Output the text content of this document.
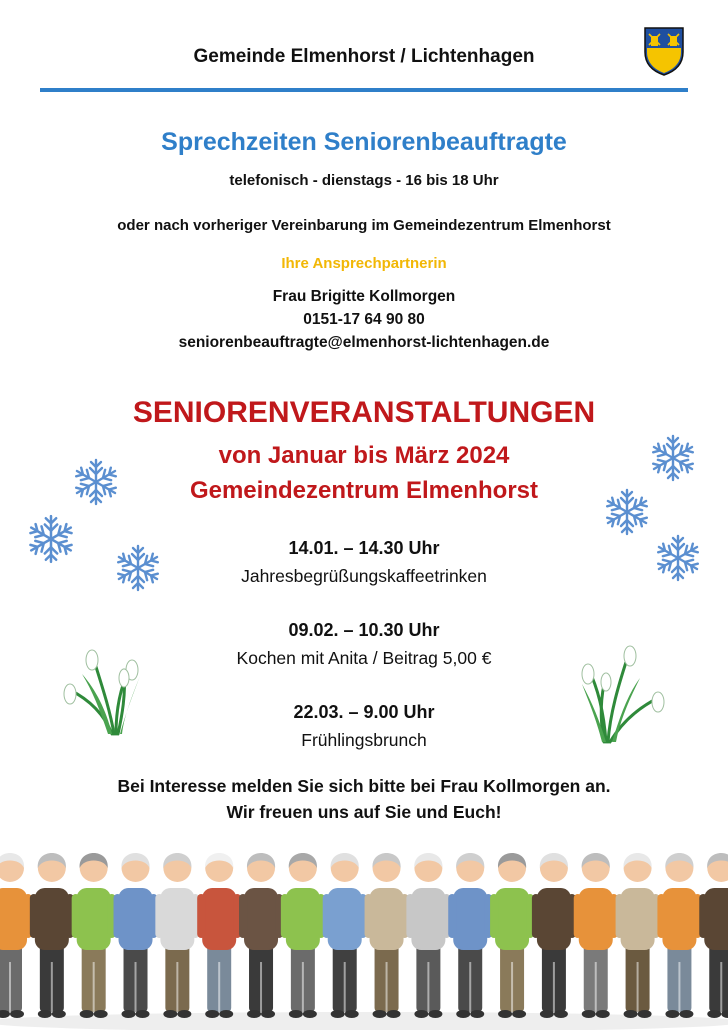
Gemeinde Elmenhorst / Lichtenhagen
Sprechzeiten Seniorenbeauftragte
telefonisch - dienstags - 16 bis 18 Uhr
oder nach vorheriger Vereinbarung im Gemeindezentrum Elmenhorst
Ihre Ansprechpartnerin
Frau Brigitte Kollmorgen
0151-17 64 90 80
seniorenbeauftragte@elmenhorst-lichtenhagen.de
SENIORENVERANSTALTUNGEN
von Januar bis März 2024
Gemeindezentrum Elmenhorst
14.01. – 14.30 Uhr
Jahresbegrüßungskaffeetrinken
09.02. – 10.30 Uhr
Kochen mit Anita / Beitrag 5,00 €
22.03. – 9.00 Uhr
Frühlingsbrunch
Bei Interesse melden Sie sich bitte bei Frau Kollmorgen an.
Wir freuen uns auf Sie und Euch!
